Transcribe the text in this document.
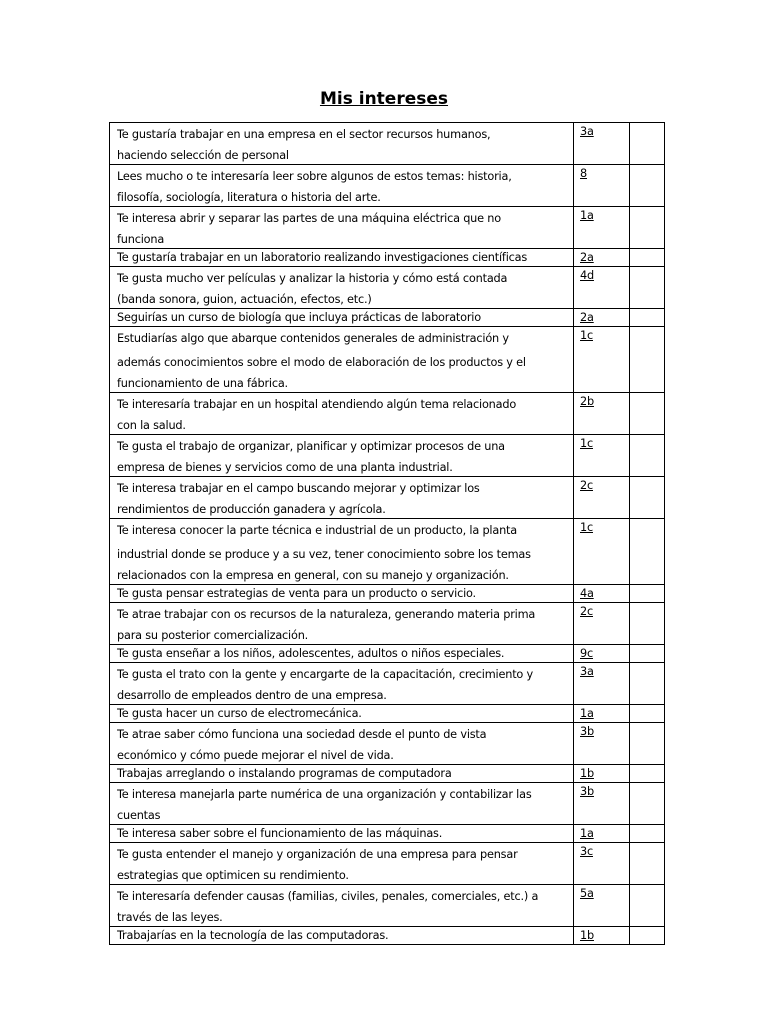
Mis intereses
Te gustaría trabajar en una empresa en el sector recursos humanos,
haciendo selección de personal	3a	

Lees mucho o te interesaría leer sobre algunos de estos temas: historia,
filosofía, sociología, literatura o historia del arte.	8	

Te interesa abrir y separar las partes de una máquina eléctrica que no
funciona	1a	

Te gustaría trabajar en un laboratorio realizando investigaciones científicas	2a	

Te gusta mucho ver películas y analizar la historia y cómo está contada
(banda sonora, guion, actuación, efectos, etc.)	4d	

Seguirías un curso de biología que incluya prácticas de laboratorio	2a	

Estudiarías algo que abarque contenidos generales de administración y
además conocimientos sobre el modo de elaboración de los productos y el
funcionamiento de una fábrica.	1c	

Te interesaría trabajar en un hospital atendiendo algún tema relacionado
con la salud.	2b	

Te gusta el trabajo de organizar, planificar y optimizar procesos de una
empresa de bienes y servicios como de una planta industrial.	1c	

Te interesa trabajar en el campo buscando mejorar y optimizar los
rendimientos de producción ganadera y agrícola.	2c	

Te interesa conocer la parte técnica e industrial de un producto, la planta
industrial donde se produce y a su vez, tener conocimiento sobre los temas
relacionados con la empresa en general, con su manejo y organización.	1c	

Te gusta pensar estrategias de venta para un producto o servicio.	4a	

Te atrae trabajar con os recursos de la naturaleza, generando materia prima
para su posterior comercialización.	2c	

Te gusta enseñar a los niños, adolescentes, adultos o niños especiales.	9c	

Te gusta el trato con la gente y encargarte de la capacitación, crecimiento y
desarrollo de empleados dentro de una empresa.	3a	

Te gusta hacer un curso de electromecánica.	1a	

Te atrae saber cómo funciona una sociedad desde el punto de vista
económico y cómo puede mejorar el nivel de vida.	3b	

Trabajas arreglando o instalando programas de computadora	1b	

Te interesa manejarla parte numérica de una organización y contabilizar las
cuentas	3b	

Te interesa saber sobre el funcionamiento de las máquinas.	1a	

Te gusta entender el manejo y organización de una empresa para pensar
estrategias que optimicen su rendimiento.	3c	

Te interesaría defender causas (familias, civiles, penales, comerciales, etc.) a
través de las leyes.	5a	

Trabajarías en la tecnología de las computadoras.	1b	
